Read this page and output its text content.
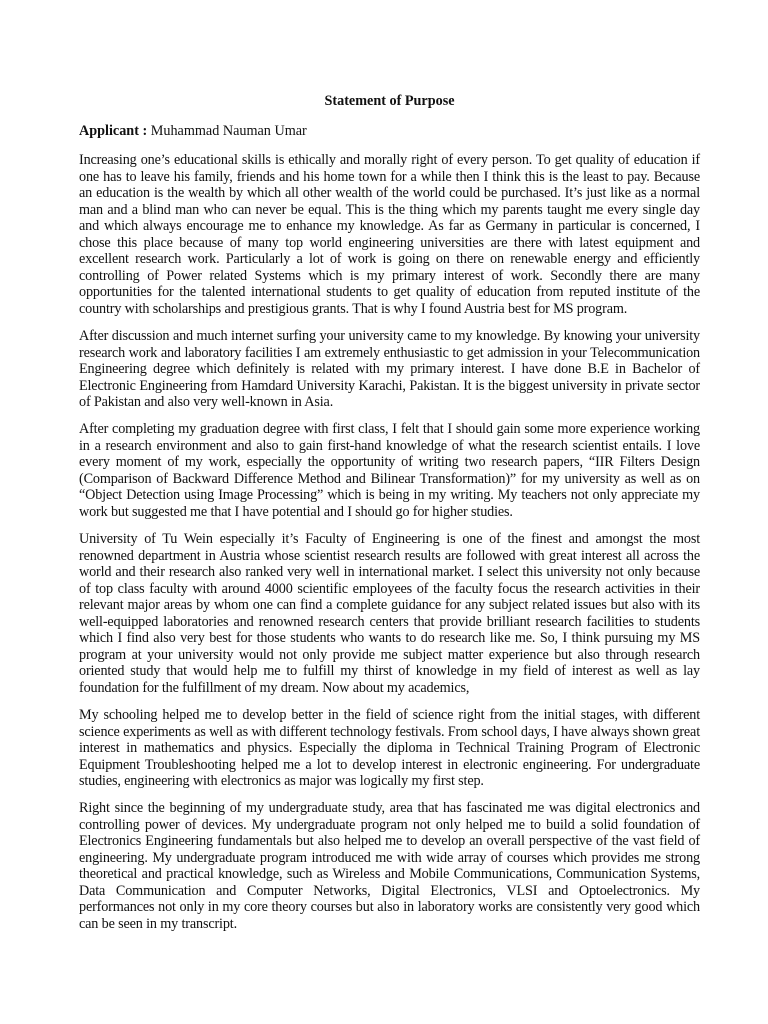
Statement of Purpose
Applicant : Muhammad Nauman Umar

Increasing one’s educational skills is ethically and morally right of every person. To get quality of education if one has to leave his family, friends and his home town for a while then I think this is the least to pay. Because an education is the wealth by which all other wealth of the world could be purchased. It’s just like as a normal man and a blind man who can never be equal. This is the thing which my parents taught me every single day and which always encourage me to enhance my knowledge. As far as Germany in particular is concerned, I chose this place because of many top world engineering universities are there with latest equipment and excellent research work. Particularly a lot of work is going on there on renewable energy and efficiently controlling of Power related Systems which is my primary interest of work. Secondly there are many opportunities for the talented international students to get quality of education from reputed institute of the country with scholarships and prestigious grants. That is why I found Austria best for MS program.

After discussion and much internet surfing your university came to my knowledge. By knowing your university research work and laboratory facilities I am extremely enthusiastic to get admission in your Telecommunication Engineering degree which definitely is related with my primary interest. I have done B.E in Bachelor of Electronic Engineering from Hamdard University Karachi, Pakistan. It is the biggest university in private sector of Pakistan and also very well-known in Asia.

After completing my graduation degree with first class, I felt that I should gain some more experience working in a research environment and also to gain first-hand knowledge of what the research scientist entails. I love every moment of my work, especially the opportunity of writing two research papers, “IIR Filters Design (Comparison of Backward Difference Method and Bilinear Transformation)” for my university as well as on “Object Detection using Image Processing” which is being in my writing. My teachers not only appreciate my work but suggested me that I have potential and I should go for higher studies.

University of Tu Wein especially it’s Faculty of Engineering is one of the finest and amongst the most renowned department in Austria whose scientist research results are followed with great interest all across the world and their research also ranked very well in international market. I select this university not only because of top class faculty with around 4000 scientific employees of the faculty focus the research activities in their relevant major areas by whom one can find a complete guidance for any subject related issues but also with its well-equipped laboratories and renowned research centers that provide brilliant research facilities to students which I find also very best for those students who wants to do research like me. So, I think pursuing my MS program at your university would not only provide me subject matter experience but also through research oriented study that would help me to fulfill my thirst of knowledge in my field of interest as well as lay foundation for the fulfillment of my dream. Now about my academics,

My schooling helped me to develop better in the field of science right from the initial stages, with different science experiments as well as with different technology festivals. From school days, I have always shown great interest in mathematics and physics. Especially the diploma in Technical Training Program of Electronic Equipment Troubleshooting helped me a lot to develop interest in electronic engineering. For undergraduate studies, engineering with electronics as major was logically my first step.

Right since the beginning of my undergraduate study, area that has fascinated me was digital electronics and controlling power of devices. My undergraduate program not only helped me to build a solid foundation of Electronics Engineering fundamentals but also helped me to develop an overall perspective of the vast field of engineering. My undergraduate program introduced me with wide array of courses which provides me strong theoretical and practical knowledge, such as Wireless and Mobile Communications, Communication Systems, Data Communication and Computer Networks, Digital Electronics, VLSI and Optoelectronics. My performances not only in my core theory courses but also in laboratory works are consistently very good which can be seen in my transcript.
